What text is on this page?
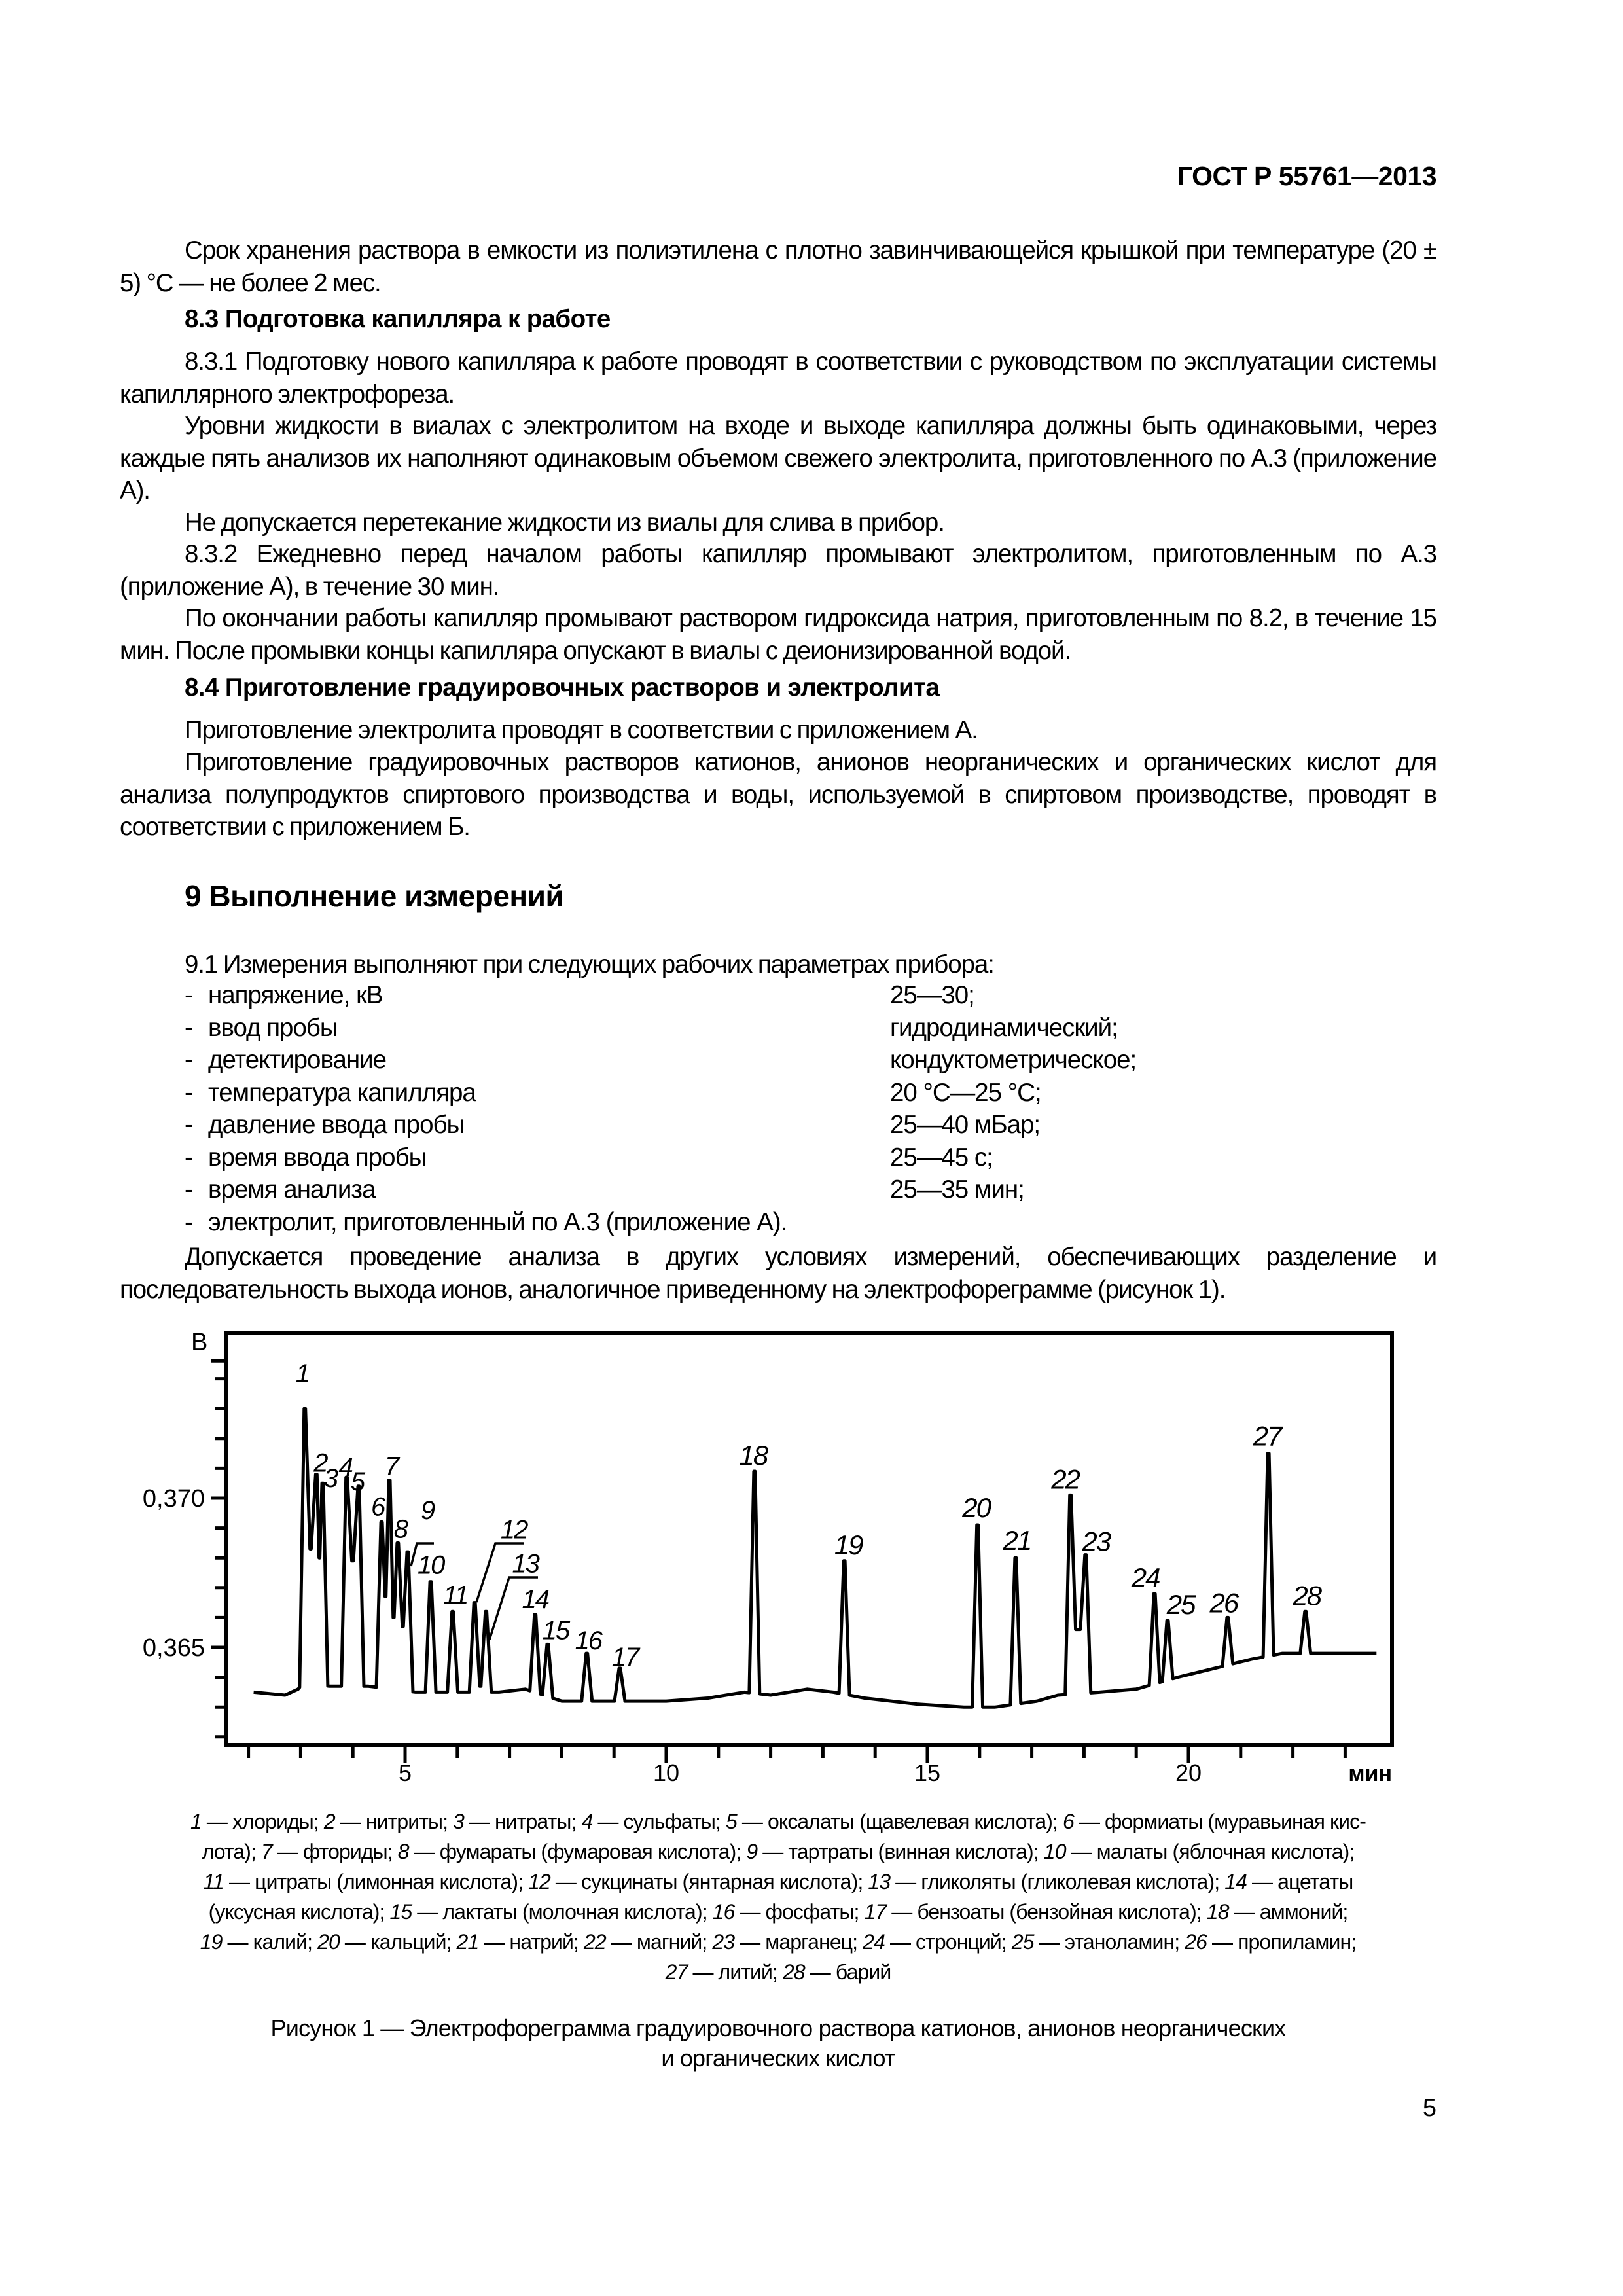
ГОСТ Р 55761—2013
Срок хранения раствора в емкости из полиэтилена с плотно завинчивающейся крышкой при температуре (20 ± 5) °С — не более 2 мес.
8.3 Подготовка капилляра к работе
8.3.1 Подготовку нового капилляра к работе проводят в соответствии с руководством по эксплуатации системы капиллярного электрофореза.
Уровни жидкости в виалах с электролитом на входе и выходе капилляра должны быть одинаковыми, через каждые пять анализов их наполняют одинаковым объемом свежего электролита, приготовленного по А.3 (приложение А).
Не допускается перетекание жидкости из виалы для слива в прибор.
8.3.2 Ежедневно перед началом работы капилляр промывают электролитом, приготовленным по А.3 (приложение А), в течение 30 мин.
По окончании работы капилляр промывают раствором гидроксида натрия, приготовленным по 8.2, в течение 15 мин. После промывки концы капилляра опускают в виалы с деионизированной водой.
8.4 Приготовление градуировочных растворов и электролита
Приготовление электролита проводят в соответствии с приложением А.
Приготовление градуировочных растворов катионов, анионов неорганических и органических кислот для анализа полупродуктов спиртового производства и воды, используемой в спиртовом производстве, проводят в соответствии с приложением Б.
9 Выполнение измерений
9.1 Измерения выполняют при следующих рабочих параметрах прибора:
- напряжение, кВ	25—30;
- ввод пробы	гидродинамический;
- детектирование	кондуктометрическое;
- температура капилляра	20 °С—25 °С;
- давление ввода пробы	25—40 мБар;
- время ввода пробы	25—45 с;
- время анализа	25—35 мин;
- электролит, приготовленный по А.3 (приложение А).
Допускается проведение анализа в других условиях измерений, обеспечивающих разделение и последовательность выхода ионов, аналогичное приведенному на электрофореграмме (рисунок 1).
В
мин
0,370
0,365
5	10	15	20
1
2
3 4
5
6
7
8
9
10
11
12
13
14
15 16
17
18
19
20
21
22
23
24
25 26
27
28
1 — хлориды; 2 — нитриты; 3 — нитраты; 4 — сульфаты; 5 — оксалаты (щавелевая кислота); 6 — формиаты (муравьиная кис-
лота); 7 — фториды; 8 — фумараты (фумаровая кислота); 9 — тартраты (винная кислота); 10 — малаты (яблочная кислота);
11 — цитраты (лимонная кислота); 12 — сукцинаты (янтарная кислота); 13 — гликоляты (гликолевая кислота); 14 — ацетаты
(уксусная кислота); 15 — лактаты (молочная кислота); 16 — фосфаты; 17 — бензоаты (бензойная кислота); 18 — аммоний;
19 — калий; 20 — кальций; 21 — натрий; 22 — магний; 23 — марганец; 24 — стронций; 25 — этаноламин; 26 — пропиламин;
27 — литий; 28 — барий
Рисунок 1 — Электрофореграмма градуировочного раствора катионов, анионов неорганических
и органических кислот
5
